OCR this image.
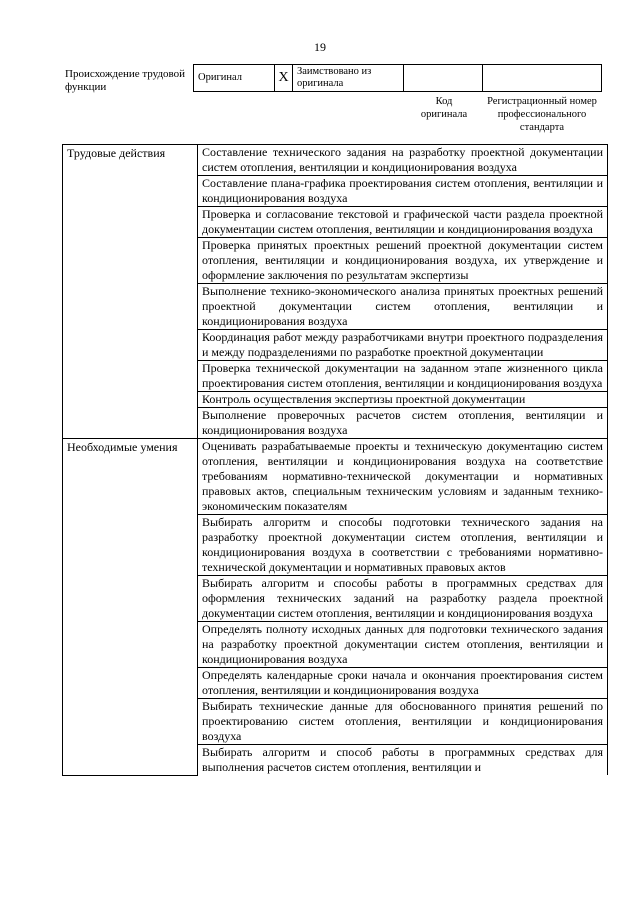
19
Происхождение трудовой функции
Оригинал	X	Заимствовано из оригинала		
Код оригинала
Регистрационный номер профессионального стандарта
Трудовые действия	Составление технического задания на разработку проектной документации систем отопления, вентиляции и кондиционирования воздуха
	Составление плана-графика проектирования систем отопления, вентиляции и кондиционирования воздуха
	Проверка и согласование текстовой и графической части раздела проектной документации систем отопления, вентиляции и кондиционирования воздуха
	Проверка принятых проектных решений проектной документации систем отопления, вентиляции и кондиционирования воздуха, их утверждение и оформление заключения по результатам экспертизы
	Выполнение технико-экономического анализа принятых проектных решений проектной документации систем отопления, вентиляции и кондиционирования воздуха
	Координация работ между разработчиками внутри проектного подразделения и между подразделениями по разработке проектной документации
	Проверка технической документации на заданном этапе жизненного цикла проектирования систем отопления, вентиляции и кондиционирования воздуха
	Контроль осуществления экспертизы проектной документации
	Выполнение проверочных расчетов систем отопления, вентиляции и кондиционирования воздуха
Необходимые умения	Оценивать разрабатываемые проекты и техническую документацию систем отопления, вентиляции и кондиционирования воздуха на соответствие требованиям нормативно-технической документации и нормативных правовых актов, специальным техническим условиям и заданным технико-экономическим показателям
	Выбирать алгоритм и способы подготовки технического задания на разработку проектной документации систем отопления, вентиляции и кондиционирования воздуха в соответствии с требованиями нормативно-технической документации и нормативных правовых актов
	Выбирать алгоритм и способы работы в программных средствах для оформления технических заданий на разработку раздела проектной документации систем отопления, вентиляции и кондиционирования воздуха
	Определять полноту исходных данных для подготовки технического задания на разработку проектной документации систем отопления, вентиляции и кондиционирования воздуха
	Определять календарные сроки начала и окончания проектирования систем отопления, вентиляции и кондиционирования воздуха
	Выбирать технические данные для обоснованного принятия решений по проектированию систем отопления, вентиляции и кондиционирования воздуха
	Выбирать алгоритм и способ работы в программных средствах для выполнения расчетов систем отопления, вентиляции и
